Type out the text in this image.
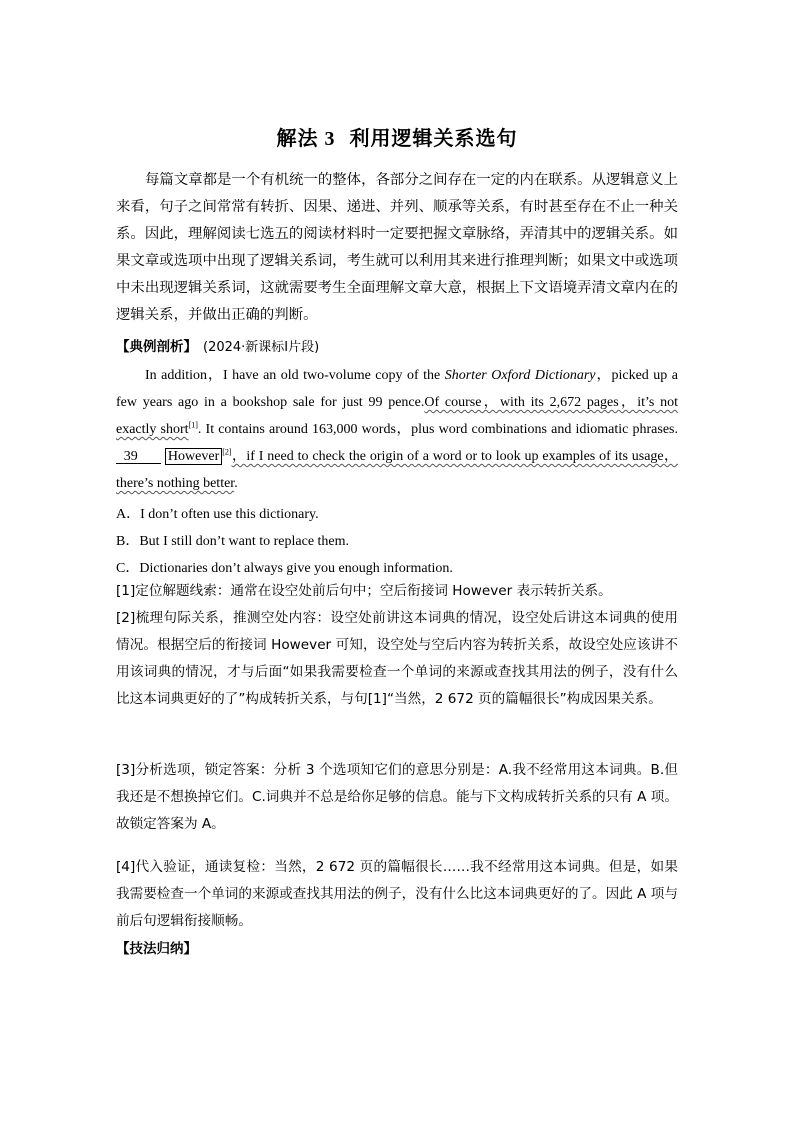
解法 3 利用逻辑关系选句
每篇文章都是一个有机统一的整体，各部分之间存在一定的内在联系。从逻辑意义上来看，句子之间常常有转折、因果、递进、并列、顺承等关系，有时甚至存在不止一种关系。因此，理解阅读七选五的阅读材料时一定要把握文章脉络，弄清其中的逻辑关系。如果文章或选项中出现了逻辑关系词，考生就可以利用其来进行推理判断；如果文中或选项中未出现逻辑关系词，这就需要考生全面理解文章大意，根据上下文语境弄清文章内在的逻辑关系，并做出正确的判断。
【典例剖析】 (2024·新课标Ⅰ片段)
In addition，I have an old two-volume copy of the Shorter Oxford Dictionary，picked up a few years ago in a bookshop sale for just 99 pence.Of course，with its 2,672 pages，it’s not exactly short[1]. It contains around 163,000 words，plus word combinations and idiomatic phrases.   39 However [2]，if I need to check the origin of a word or to look up examples of its usage，there’s nothing better.
A．I don’t often use this dictionary.
B．But I still don’t want to replace them.
C．Dictionaries don’t always give you enough information.
[1]定位解题线索：通常在设空处前后句中；空后衔接词 However 表示转折关系。
[2]梳理句际关系，推测空处内容：设空处前讲这本词典的情况，设空处后讲这本词典的使用情况。根据空后的衔接词 However 可知，设空处与空后内容为转折关系，故设空处应该讲不用该词典的情况，才与后面“如果我需要检查一个单词的来源或查找其用法的例子，没有什么比这本词典更好的了”构成转折关系，与句[1]“当然，2 672 页的篇幅很长”构成因果关系。
[3]分析选项，锁定答案：分析 3 个选项知它们的意思分别是：A.我不经常用这本词典。B.但我还是不想换掉它们。C.词典并不总是给你足够的信息。能与下文构成转折关系的只有 A 项。故锁定答案为 A。
[4]代入验证，通读复检：当然，2 672 页的篇幅很长……我不经常用这本词典。但是，如果我需要检查一个单词的来源或查找其用法的例子，没有什么比这本词典更好的了。因此 A 项与前后句逻辑衔接顺畅。
【技法归纳】
